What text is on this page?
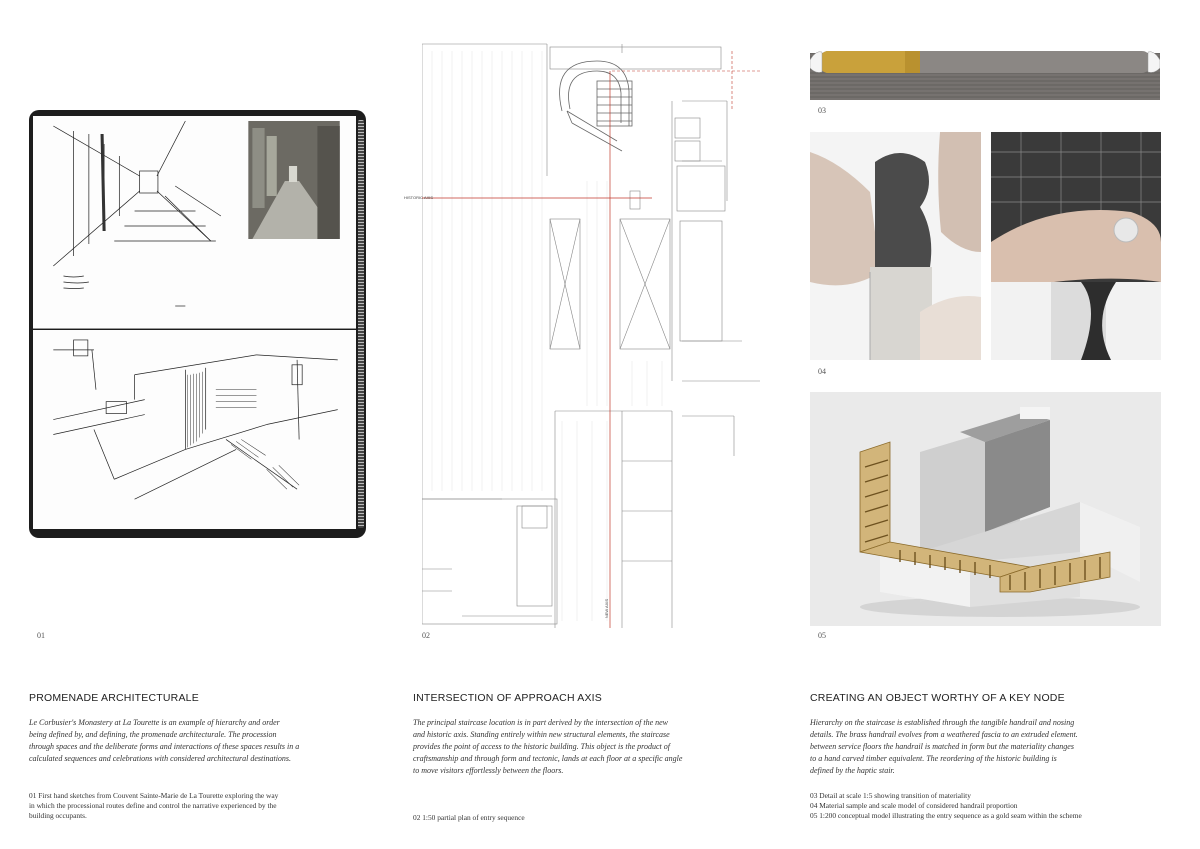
01
HISTORIC AXIS
NEW AXIS
02
03
04
05
PROMENADE ARCHITECTURALE
Le Corbusier's Monastery at La Tourette is an example of hierarchy and order
being defined by, and defining, the promenade architecturale. The procession
through spaces and the deliberate forms and interactions of these spaces results in a
calculated sequences and celebrations with considered architectural destinations.
01 First hand sketches from Couvent Sainte-Marie de La Tourette exploring the way
in which the processional routes define and control the narrative experienced by the
building occupants.
INTERSECTION OF APPROACH AXIS
The principal staircase location is in part derived by the intersection of the new
and historic axis. Standing entirely within new structural elements, the staircase
provides the point of access to the historic building. This object is the product of
craftsmanship and through form and tectonic, lands at each floor at a specific angle
to move visitors effortlessly between the floors.
02 1:50 partial plan of entry sequence
CREATING AN OBJECT WORTHY OF A KEY NODE
Hierarchy on the staircase is established through the tangible handrail and nosing
details. The brass handrail evolves from a weathered fascia to an extruded element.
between service floors the handrail is matched in form but the materiality changes
to a hand carved timber equivalent. The reordering of the historic building is
defined by the haptic stair.
03 Detail at scale 1:5 showing transition of materiality
04 Material sample and scale model of considered handrail proportion
05 1:200 conceptual model illustrating the entry sequence as a gold seam within the scheme
